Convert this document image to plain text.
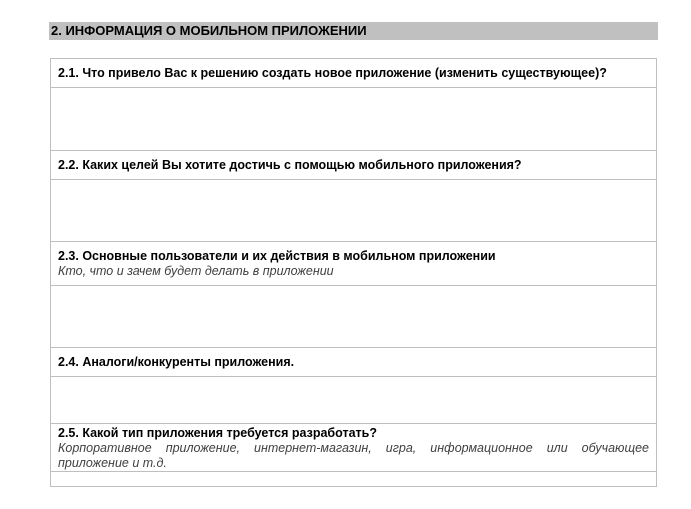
2. ИНФОРМАЦИЯ О МОБИЛЬНОМ ПРИЛОЖЕНИИ
2.1. Что привело Вас к решению создать новое приложение (изменить существующее)?

2.2. Каких целей Вы хотите достичь с помощью мобильного приложения?

2.3. Основные пользователи и их действия в мобильном приложении
Кто, что и зачем будет делать в приложении

2.4. Аналоги/конкуренты приложения.

2.5. Какой тип приложения требуется разработать?
Корпоративное приложение, интернет-магазин, игра, информационное или обучающее приложение и т.д.
